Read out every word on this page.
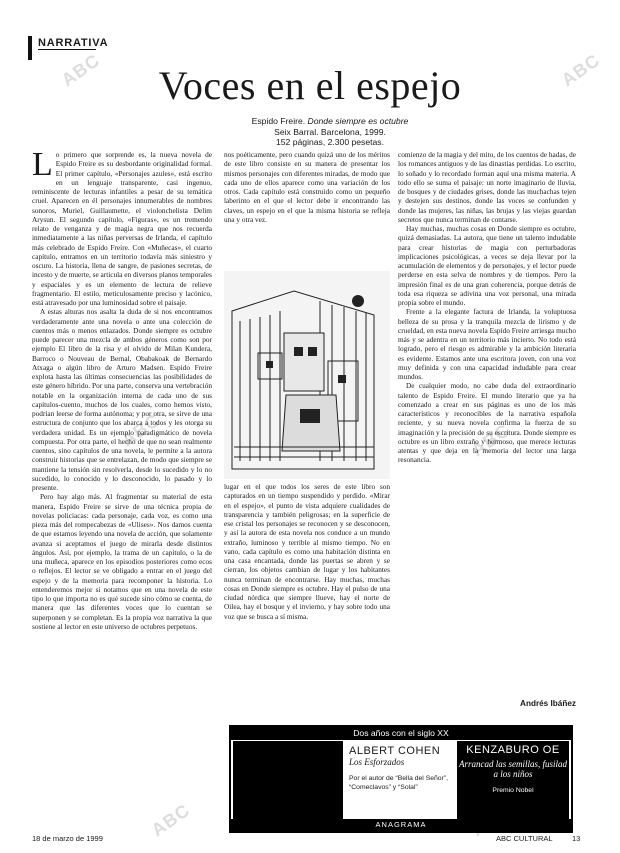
ABC	ABC
ABC	ABC
ABC
NARRATIVA
Voces en el espejo
Espido Freire. Donde siempre es octubre
Seix Barral. Barcelona, 1999.
152 páginas, 2.300 pesetas.

Lo primero que sorprende es, la nueva novela de Espido Freire es su desbordante originalidad formal. El primer capítulo, «Personajes azules», está escrito en un lenguaje transparente, casi ingenuo, reminiscente de lecturas infantiles a pesar de su temática cruel. Aparecen en él personajes innumerables de nombres sonoros, Muriel, Guillaumette, el violonchelista Delim Arysun. El segundo capítulo, «Figuras», es un tremendo relato de venganza y de magia negra que nos recuerda inmediatamente a las niñas perversas de Irlanda, el capítulo más celebrado de Espido Freire. Con «Muñecas», el cuarto capítulo, entramos en un territorio todavía más siniestro y oscuro. La historia, llena de sangre, de pasiones secretas, de incesto y de muerte, se articula en diversos planos temporales y espaciales y es un elemento de lectura de relieve fragmentario. El estilo, meticulosamente preciso y lacónico, está atravesado por una luminosidad sobre el paisaje.

A estas alturas nos asalta la duda de si nos encontramos verdaderamente ante una novela o ante una colección de cuentos más o menos enlazados. Donde siempre es octubre puede parecer una mezcla de ambos géneros como son por ejemplo El libro de la risa y el olvido de Milan Kundera, Barroco o Nouveau de Bernal, Obabakoak de Bernardo Atxaga o algún libro de Arturo Madsen. Espido Freire explota hasta las últimas consecuencias las posibilidades de este género híbrido. Por una parte, conserva una vertebración notable en la organización interna de cada uno de sus capítulos-cuento, muchos de los cuales, como hemos visto, podrían leerse de forma autónoma; y por otra, se sirve de una estructura de conjunto que los abarca a todos y les otorga su verdadera unidad. Es un ejemplo paradigmático de novela compuesta. Por otra parte, el hecho de que no sean realmente cuentos, sino capítulos de una novela, le permite a la autora construir historias que se entrelazan, de modo que siempre se mantiene la tensión sin resolverla, desde lo sucedido y lo no sucedido, lo conocido y lo desconocido, lo pasado y lo presente.

Pero hay algo más. Al fragmentar su material de esta manera, Espido Freire se sirve de una técnica propia de novelas policiacas: cada personaje, cada voz, es como una pieza más del rompecabezas de «Ulises». Nos damos cuenta de que estamos leyendo una novela de acción, que solamente avanza si aceptamos el juego de mirarla desde distintos ángulos. Así, por ejemplo, la trama de un capítulo, o la de una muñeca, aparece en los episodios posteriores como ecos o reflejos. El lector se ve obligado a entrar en el juego del espejo y de la memoria para recomponer la historia. Lo entenderemos mejor si notamos que en una novela de este tipo lo que importa no es qué sucede sino cómo se cuenta, de manera que las diferentes voces que lo cuentan se superponen y se completan. Es la propia voz narrativa la que sostiene al lector en este universo de octubres perpetuos.

nos poéticamente, pero cuando quizá uno de los méritos de este libro consiste en su manera de presentar los mismos personajes con diferentes miradas, de modo que cada uno de ellos aparece como una variación de los otros. Cada capítulo está construido como un pequeño laberinto en el que el lector debe ir encontrando las claves, un espejo en el que la misma historia se refleja una y otra vez.

lugar en el que todos los seres de este libro son capturados en un tiempo suspendido y perdido. «Mirar en el espejo», el punto de vista adquiere cualidades de transparencia y también peligrosas; en la superficie de ese cristal los personajes se reconocen y se desconocen, y así la autora de esta novela nos conduce a un mundo extraño, luminoso y terrible al mismo tiempo. No en vano, cada capítulo es como una habitación distinta en una casa encantada, donde las puertas se abren y se cierran, los objetos cambian de lugar y los habitantes nunca terminan de encontrarse. Hay muchas, muchas cosas en Donde siempre es octubre. Hay el pulso de una ciudad nórdica que siempre llueve, hay el norte de Oilea, hay el bosque y el invierno, y hay sobre todo una voz que se busca a sí misma.

comienzo de la magia y del mito, de los cuentos de hadas, de los romances antiguos y de las dinastías perdidas. Lo escrito, lo soñado y lo recordado forman aquí una misma materia. A todo ello se suma el paisaje: un norte imaginario de lluvia, de bosques y de ciudades grises, donde las muchachas tejen y destejen sus destinos, donde las voces se confunden y donde las mujeres, las niñas, las brujas y las viejas guardan secretos que nunca terminan de contarse.

Hay muchas, muchas cosas en Donde siempre es octubre, quizá demasiadas. La autora, que tiene un talento indudable para crear historias de magia con perturbadoras implicaciones psicológicas, a veces se deja llevar por la acumulación de elementos y de personajes, y el lector puede perderse en esta selva de nombres y de tiempos. Pero la impresión final es de una gran coherencia, porque detrás de toda esa riqueza se adivina una voz personal, una mirada propia sobre el mundo.

Frente a la elegante factura de Irlanda, la voluptuosa belleza de su prosa y la tranquila mezcla de lirismo y de crueldad, en esta nueva novela Espido Freire arriesga mucho más y se adentra en un territorio más incierto. No todo está logrado, pero el riesgo es admirable y la ambición literaria es evidente. Estamos ante una escritora joven, con una voz muy definida y con una capacidad indudable para crear mundos.

De cualquier modo, no cabe duda del extraordinario talento de Espido Freire. El mundo literario que ya ha comenzado a crear en sus páginas es uno de los más característicos y reconocibles de la narrativa española reciente, y su nueva novela confirma la fuerza de su imaginación y la precisión de su escritura. Donde siempre es octubre es un libro extraño y hermoso, que merece lecturas atentas y que deja en la memoria del lector una larga resonancia.

Andrés Ibáñez
Dos años con el siglo XX
ALBERT COHEN
Los Esforzados
Por el autor de “Bella del Señor”, “Comeclavos” y “Solal”
KENZABURO OE
Arrancad las semillas, fusilad a los niños
Premio Nobel
ANAGRAMA
18 de marzo de 1999	ABC CULTURAL	13
